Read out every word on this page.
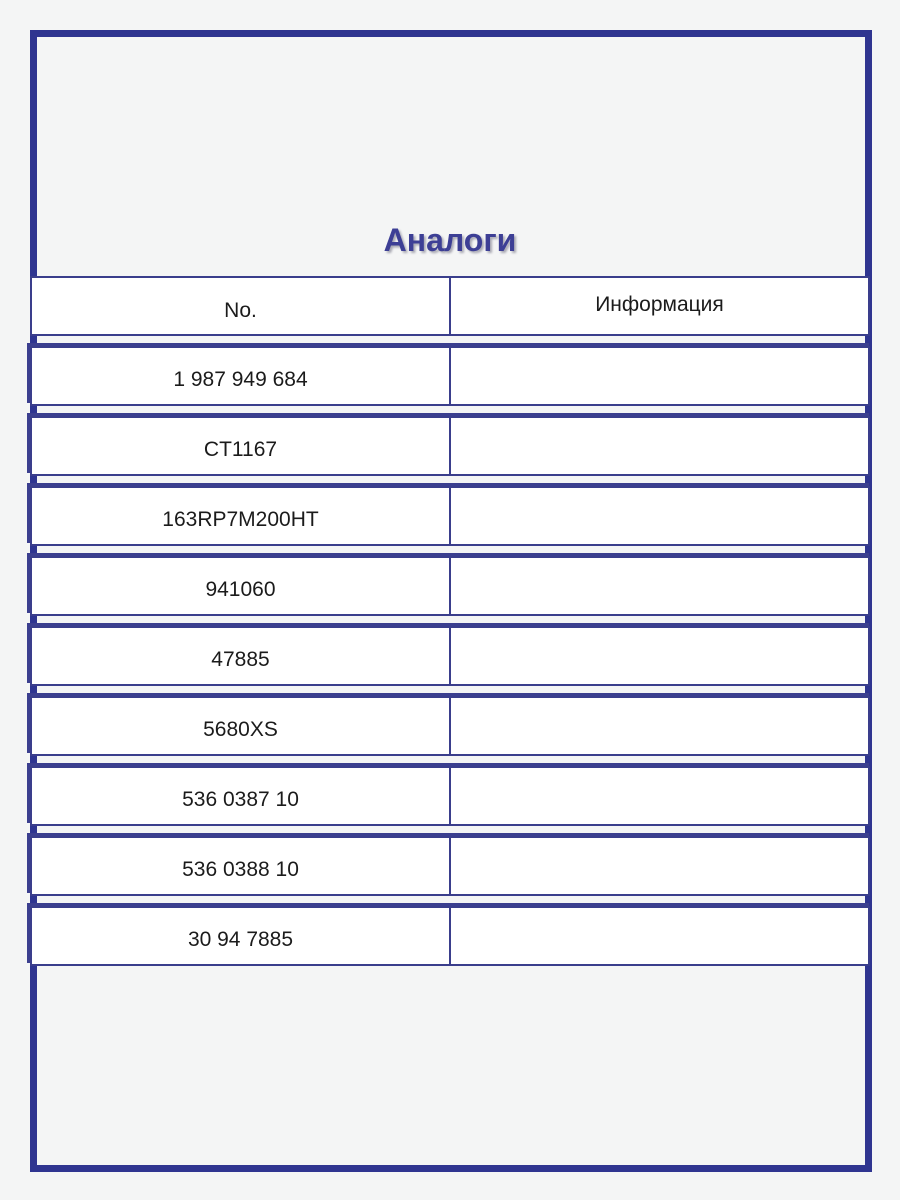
Аналоги
No.	Информация
1 987 949 684
CT1167
163RP7M200HT
941060
47885
5680XS
536 0387 10
536 0388 10
30 94 7885
